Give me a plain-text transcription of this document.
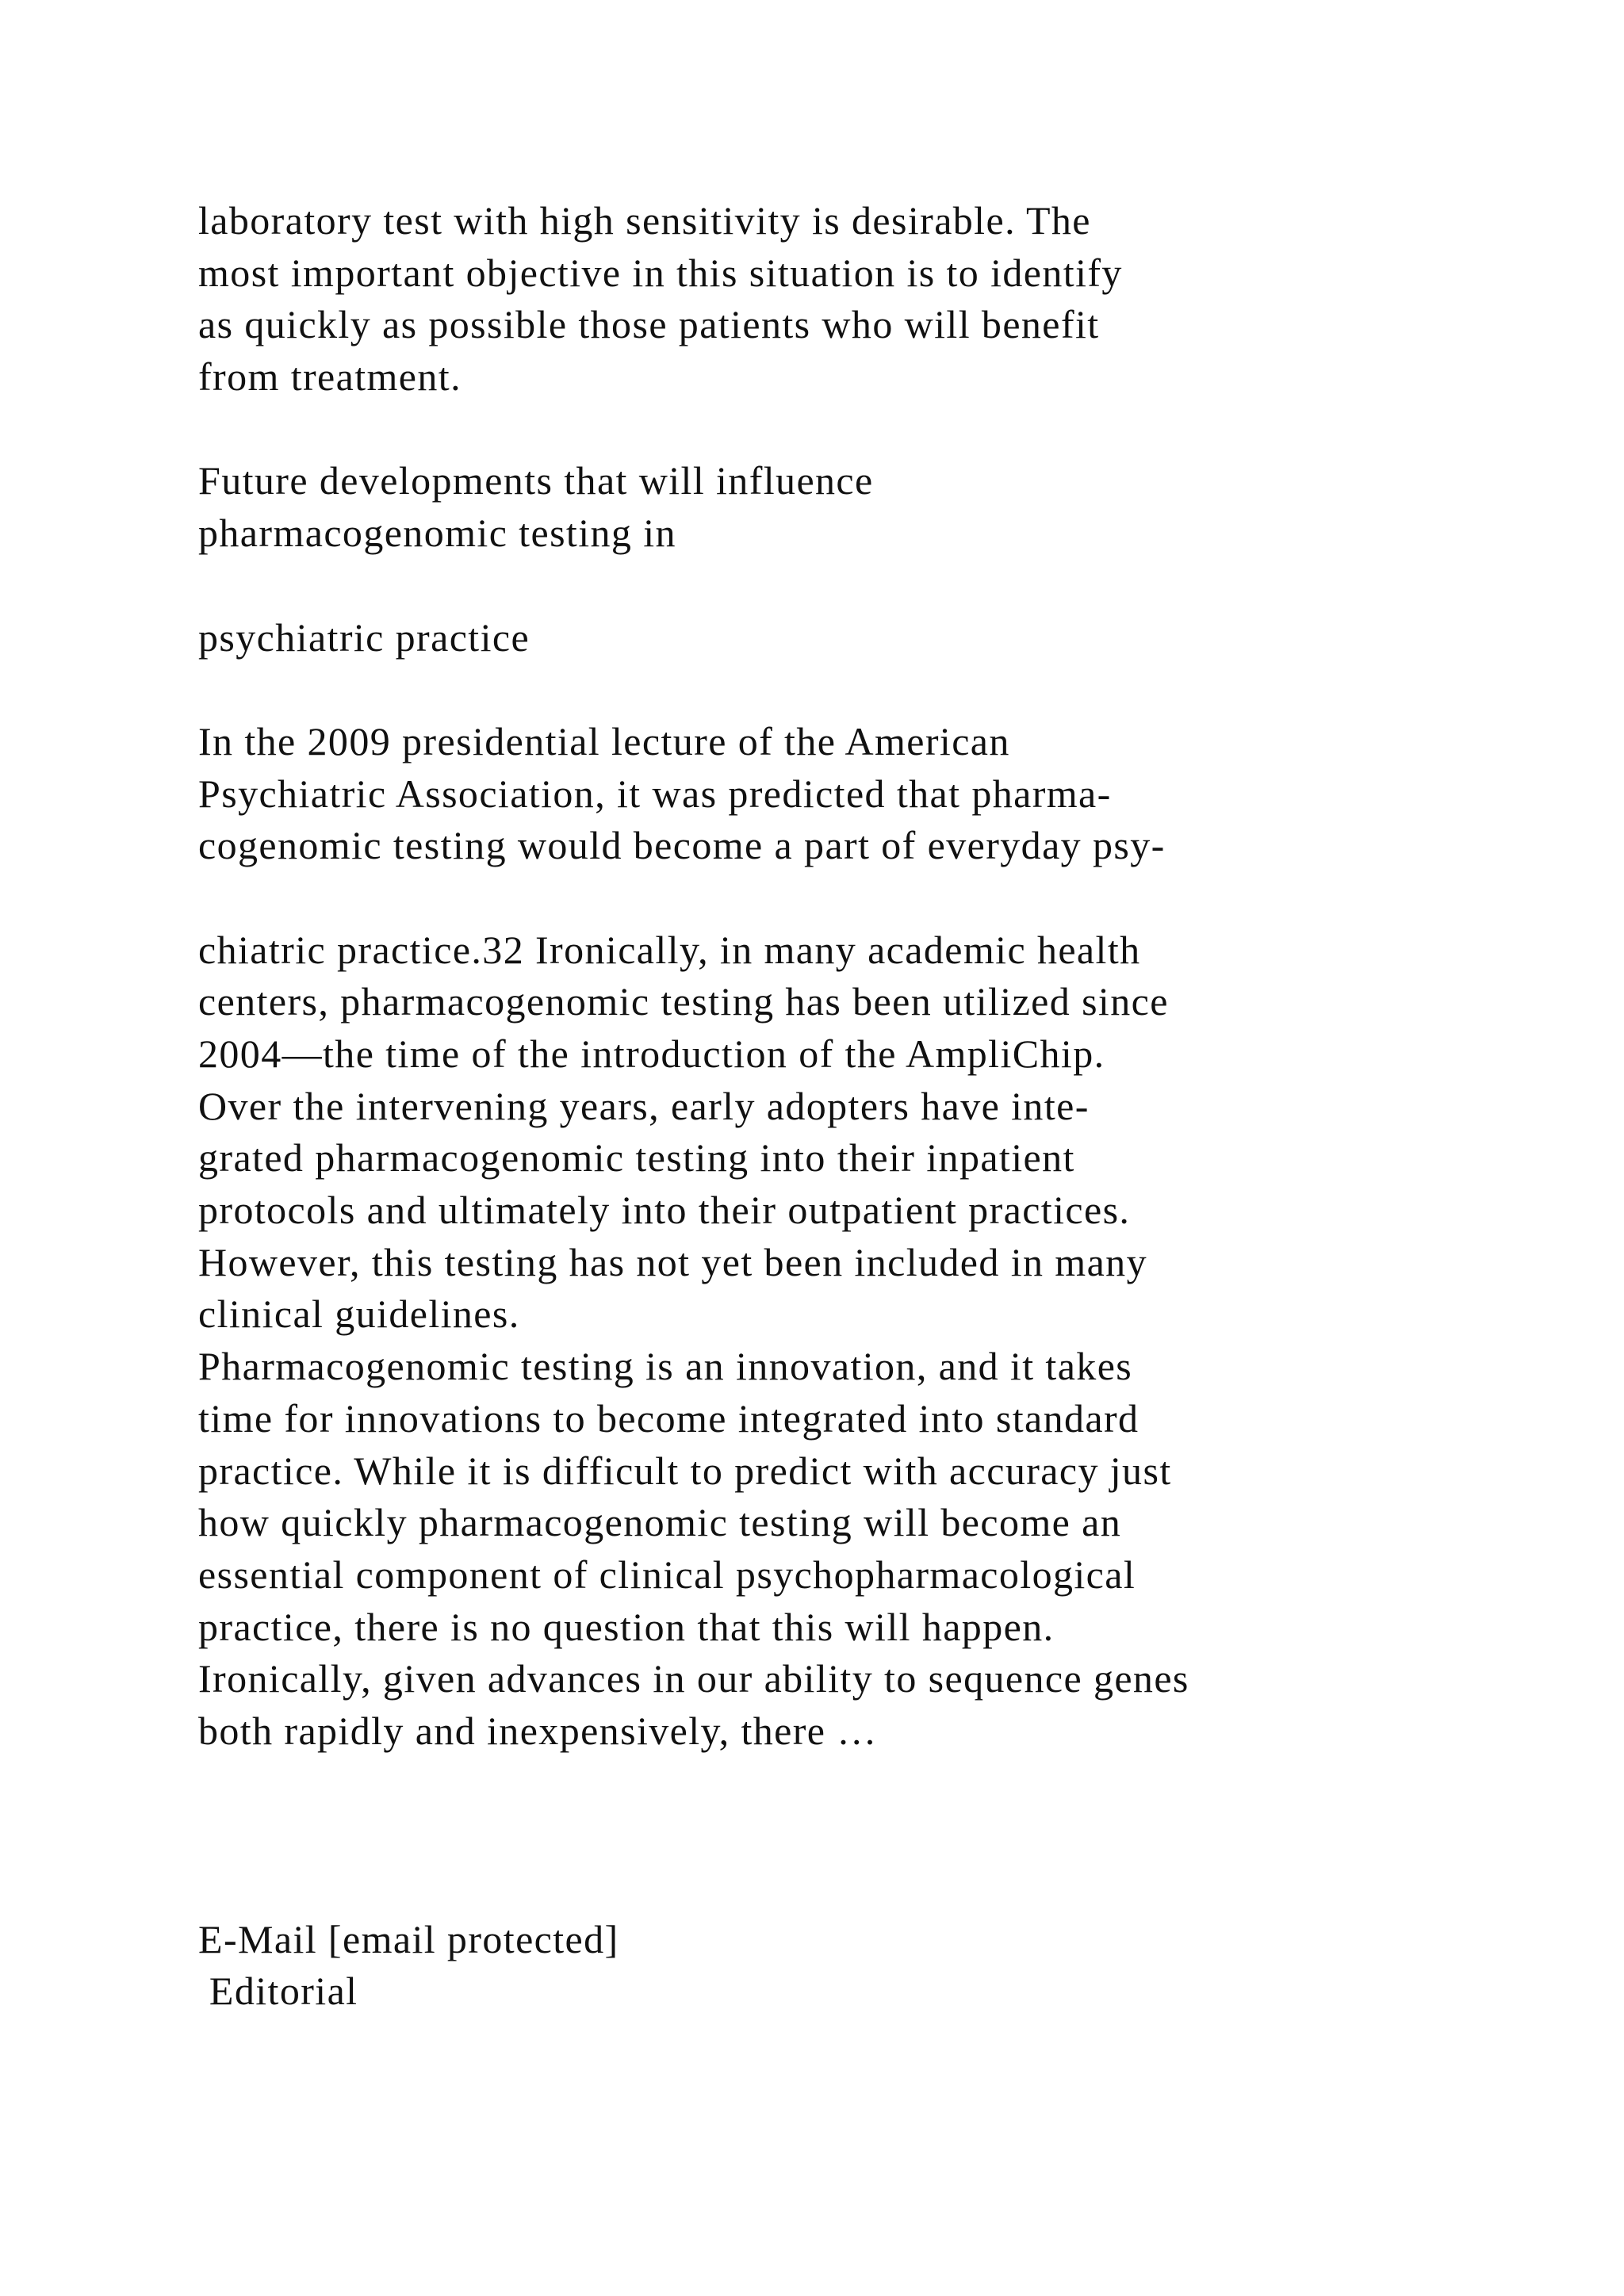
laboratory test with high sensitivity is desirable. The
most important objective in this situation is to identify
as quickly as possible those patients who will benefit
from treatment.
Future developments that will influence
pharmacogenomic testing in
psychiatric practice
In the 2009 presidential lecture of the American
Psychiatric Association, it was predicted that pharma-
cogenomic testing would become a part of everyday psy-
chiatric practice.32 Ironically, in many academic health
centers, pharmacogenomic testing has been utilized since
2004—the time of the introduction of the AmpliChip.
Over the intervening years, early adopters have inte-
grated pharmacogenomic testing into their inpatient
protocols and ultimately into their outpatient practices.
However, this testing has not yet been included in many
clinical guidelines.
Pharmacogenomic testing is an innovation, and it takes
time for innovations to become integrated into standard
practice. While it is difficult to predict with accuracy just
how quickly pharmacogenomic testing will become an
essential component of clinical psychopharmacological
practice, there is no question that this will happen.
Ironically, given advances in our ability to sequence genes
both rapidly and inexpensively, there …
E-Mail [email protected]
Editorial
